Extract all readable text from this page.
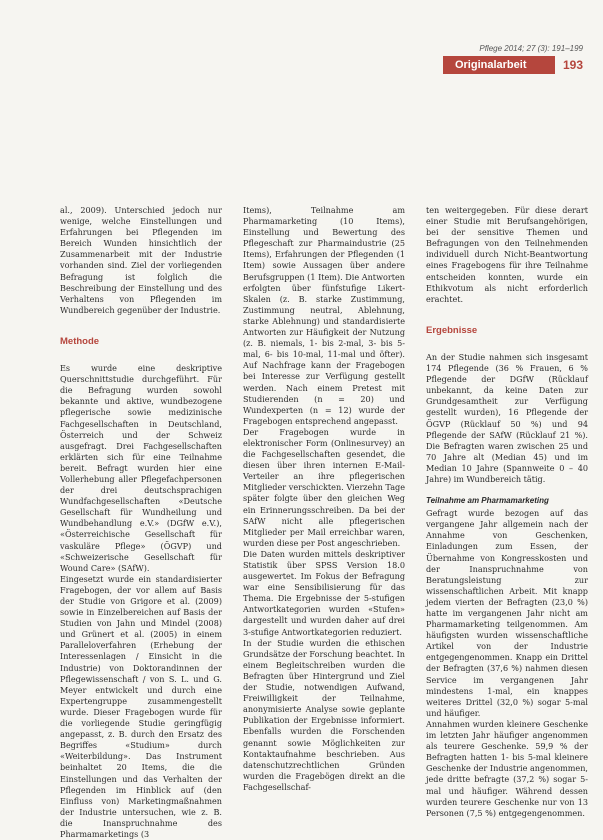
Pflege 2014; 27 (3): 191–199
Originalarbeit	193

al., 2009). Unterschied jedoch nur wenige, welche Einstellungen und Erfahrungen bei Pflegenden im Bereich Wunden hinsichtlich der Zusammenarbeit mit der Industrie vorhanden sind. Ziel der vorliegenden Befragung ist folglich die Beschreibung der Einstellung und des Verhaltens von Pflegenden im Wundbereich gegenüber der Industrie.

Methode

Es wurde eine deskriptive Querschnittstudie durchgeführt. Für die Befragung wurden sowohl bekannte und aktive, wundbezogene pflegerische sowie medizinische Fachgesellschaften in Deutschland, Österreich und der Schweiz ausgefragt. Drei Fachgesellschaften erklärten sich für eine Teilnahme bereit. Befragt wurden hier eine Vollerhebung aller Pflegefachpersonen der drei deutschsprachigen Wundfachgesellschaften «Deutsche Gesellschaft für Wundheilung und Wundbehandlung e.V.» (DGfW e.V.), «Österreichische Gesellschaft für vaskuläre Pflege» (ÖGVP) und «Schweizerische Gesellschaft für Wound Care» (SAfW).

Eingesetzt wurde ein standardisierter Fragebogen, der vor allem auf Basis der Studie von Grigore et al. (2009) sowie in Einzelbereichen auf Basis der Studien von Jahn und Mindel (2008) und Grünert et al. (2005) in einem Paralleloverfahren (Erhebung der Interessenlagen / Einsicht in die Industrie) von Doktorandinnen der Pflegewissenschaft / von S. L. und G. Meyer entwickelt und durch eine Expertengruppe zusammengestellt wurde. Dieser Fragebogen wurde für die vorliegende Studie geringfügig angepasst, z. B. durch den Ersatz des Begriffes «Studium» durch «Weiterbildung». Das Instrument beinhaltet 20 Items, die die Einstellungen und das Verhalten der Pflegenden im Hinblick auf (den Einfluss von) Marketingmaßnahmen der Industrie untersuchen, wie z. B. die Inanspruchnahme des Pharmamarketings (3

Items), Teilnahme am Pharmamarketing (10 Items), Einstellung und Bewertung des Pflegeschaft zur Pharmaindustrie (25 Items), Erfahrungen der Pflegenden (1 Item) sowie Aussagen über andere Berufsgruppen (1 Item). Die Antworten erfolgten über fünfstufige Likert-Skalen (z. B. starke Zustimmung, Zustimmung neutral, Ablehnung, starke Ablehnung) und standardisierte Antworten zur Häufigkeit der Nutzung (z. B. niemals, 1- bis 2-mal, 3- bis 5-mal, 6- bis 10-mal, 11-mal und öfter). Auf Nachfrage kann der Fragebogen bei Interesse zur Verfügung gestellt werden. Nach einem Pretest mit Studierenden (n = 20) und Wundexperten (n = 12) wurde der Fragebogen entsprechend angepasst.

Der Fragebogen wurde in elektronischer Form (Onlinesurvey) an die Fachgesellschaften gesendet, die diesen über ihren internen E-Mail-Verteiler an ihre pflegerischen Mitglieder verschickten. Vierzehn Tage später folgte über den gleichen Weg ein Erinnerungsschreiben. Da bei der SAfW nicht alle pflegerischen Mitglieder per Mail erreichbar waren, wurden diese per Post angeschrieben.

Die Daten wurden mittels deskriptiver Statistik über SPSS Version 18.0 ausgewertet. Im Fokus der Befragung war eine Sensibilisierung für das Thema. Die Ergebnisse der 5-stufigen Antwortkategorien wurden «Stufen» dargestellt und wurden daher auf drei 3-stufige Antwortkategorien reduziert.

In der Studie wurden die ethischen Grundsätze der Forschung beachtet. In einem Begleitschreiben wurden die Befragten über Hintergrund und Ziel der Studie, notwendigen Aufwand, Freiwilligkeit der Teilnahme, anonymisierte Analyse sowie geplante Publikation der Ergebnisse informiert. Ebenfalls wurden die Forschenden genannt sowie Möglichkeiten zur Kontaktaufnahme beschrieben. Aus datenschutzrechtlichen Gründen wurden die Fragebögen direkt an die Fachgesellschaf-

ten weitergegeben. Für diese derart einer Studie mit Berufsangehörigen, bei der sensitive Themen und Befragungen von den Teilnehmenden individuell durch Nicht-Beantwortung eines Fragebogens für ihre Teilnahme entscheiden konnten, wurde ein Ethikvotum als nicht erforderlich erachtet.

Ergebnisse

An der Studie nahmen sich insgesamt 174 Pflegende (36 % Frauen, 6 % Pflegende der DGfW (Rücklauf unbekannt, da keine Daten zur Grundgesamtheit zur Verfügung gestellt wurden), 16 Pflegende der ÖGVP (Rücklauf 50 %) und 94 Pflegende der SAfW (Rücklauf 21 %). Die Befragten waren zwischen 25 und 70 Jahre alt (Median 45) und im Median 10 Jahre (Spannweite 0 – 40 Jahre) im Wundbereich tätig.

Teilnahme am Pharmamarketing

Gefragt wurde bezogen auf das vergangene Jahr allgemein nach der Annahme von Geschenken, Einladungen zum Essen, der Übernahme von Kongresskosten und der Inanspruchnahme von Beratungsleistung zur wissenschaftlichen Arbeit. Mit knapp jedem vierten der Befragten (23,0 %) hatte im vergangenen Jahr nicht am Pharmamarketing teilgenommen. Am häufigsten wurden wissenschaftliche Artikel von der Industrie entgegengenommen. Knapp ein Drittel der Befragten (37,6 %) nahmen diesen Service im vergangenen Jahr mindestens 1-mal, ein knappes weiteres Drittel (32,0 %) sogar 5-mal und häufiger.

Annahmen wurden kleinere Geschenke im letzten Jahr häufiger angenommen als teurere Geschenke. 59,9 % der Befragten hatten 1- bis 5-mal kleinere Geschenke der Industrie angenommen, jede dritte befragte (37,2 %) sogar 5-mal und häufiger. Während dessen wurden teurere Geschenke nur von 13 Personen (7,5 %) entgegengenommen.
